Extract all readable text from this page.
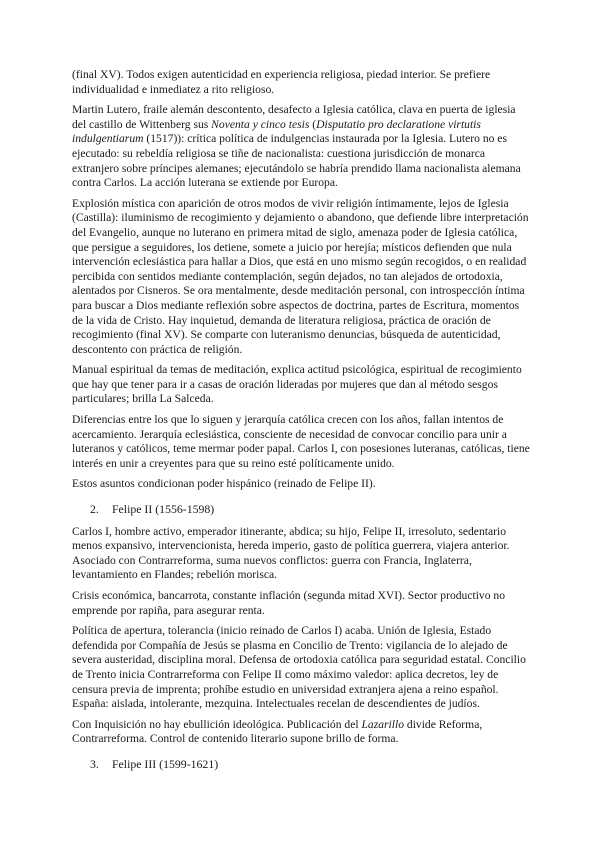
(final XV). Todos exigen autenticidad en experiencia religiosa, piedad interior. Se prefiere individualidad e inmediatez a rito religioso.

Martin Lutero, fraile alemán descontento, desafecto a Iglesia católica, clava en puerta de iglesia del castillo de Wittenberg sus Noventa y cinco tesis (Disputatio pro declaratione virtutis indulgentiarum (1517)): crítica política de indulgencias instaurada por la Iglesia. Lutero no es ejecutado: su rebeldía religiosa se tiñe de nacionalista: cuestiona jurisdicción de monarca extranjero sobre príncipes alemanes; ejecutándolo se habría prendido llama nacionalista alemana contra Carlos. La acción luterana se extiende por Europa.

Explosión mística con aparición de otros modos de vivir religión íntimamente, lejos de Iglesia (Castilla): iluminismo de recogimiento y dejamiento o abandono, que defiende libre interpretación del Evangelio, aunque no luterano en primera mitad de siglo, amenaza poder de Iglesia católica, que persigue a seguidores, los detiene, somete a juicio por herejía; místicos defienden que nula intervención eclesiástica para hallar a Dios, que está en uno mismo según recogidos, o en realidad percibida con sentidos mediante contemplación, según dejados, no tan alejados de ortodoxia, alentados por Cisneros. Se ora mentalmente, desde meditación personal, con introspección íntima para buscar a Dios mediante reflexión sobre aspectos de doctrina, partes de Escritura, momentos de la vida de Cristo. Hay inquietud, demanda de literatura religiosa, práctica de oración de recogimiento (final XV). Se comparte con luteranismo denuncias, búsqueda de autenticidad, descontento con práctica de religión.

Manual espiritual da temas de meditación, explica actitud psicológica, espiritual de recogimiento que hay que tener para ir a casas de oración lideradas por mujeres que dan al método sesgos particulares; brilla La Salceda.

Diferencias entre los que lo siguen y jerarquía católica crecen con los años, fallan intentos de acercamiento. Jerarquía eclesiástica, consciente de necesidad de convocar concilio para unir a luteranos y católicos, teme mermar poder papal. Carlos I, con posesiones luteranas, católicas, tiene interés en unir a creyentes para que su reino esté políticamente unido.

Estos asuntos condicionan poder hispánico (reinado de Felipe II).

2. Felipe II (1556-1598)

Carlos I, hombre activo, emperador itinerante, abdica; su hijo, Felipe II, irresoluto, sedentario menos expansivo, intervencionista, hereda imperio, gasto de política guerrera, viajera anterior. Asociado con Contrarreforma, suma nuevos conflictos: guerra con Francia, Inglaterra, levantamiento en Flandes; rebelión morisca.

Crisis económica, bancarrota, constante inflación (segunda mitad XVI). Sector productivo no emprende por rapiña, para asegurar renta.

Política de apertura, tolerancia (inicio reinado de Carlos I) acaba. Unión de Iglesia, Estado defendida por Compañía de Jesús se plasma en Concilio de Trento: vigilancia de lo alejado de severa austeridad, disciplina moral. Defensa de ortodoxia católica para seguridad estatal. Concilio de Trento inicia Contrarreforma con Felipe II como máximo valedor: aplica decretos, ley de censura previa de imprenta; prohíbe estudio en universidad extranjera ajena a reino español. España: aislada, intolerante, mezquina. Intelectuales recelan de descendientes de judíos.

Con Inquisición no hay ebullición ideológica. Publicación del Lazarillo divide Reforma, Contrarreforma. Control de contenido literario supone brillo de forma.

3. Felipe III (1599-1621)
